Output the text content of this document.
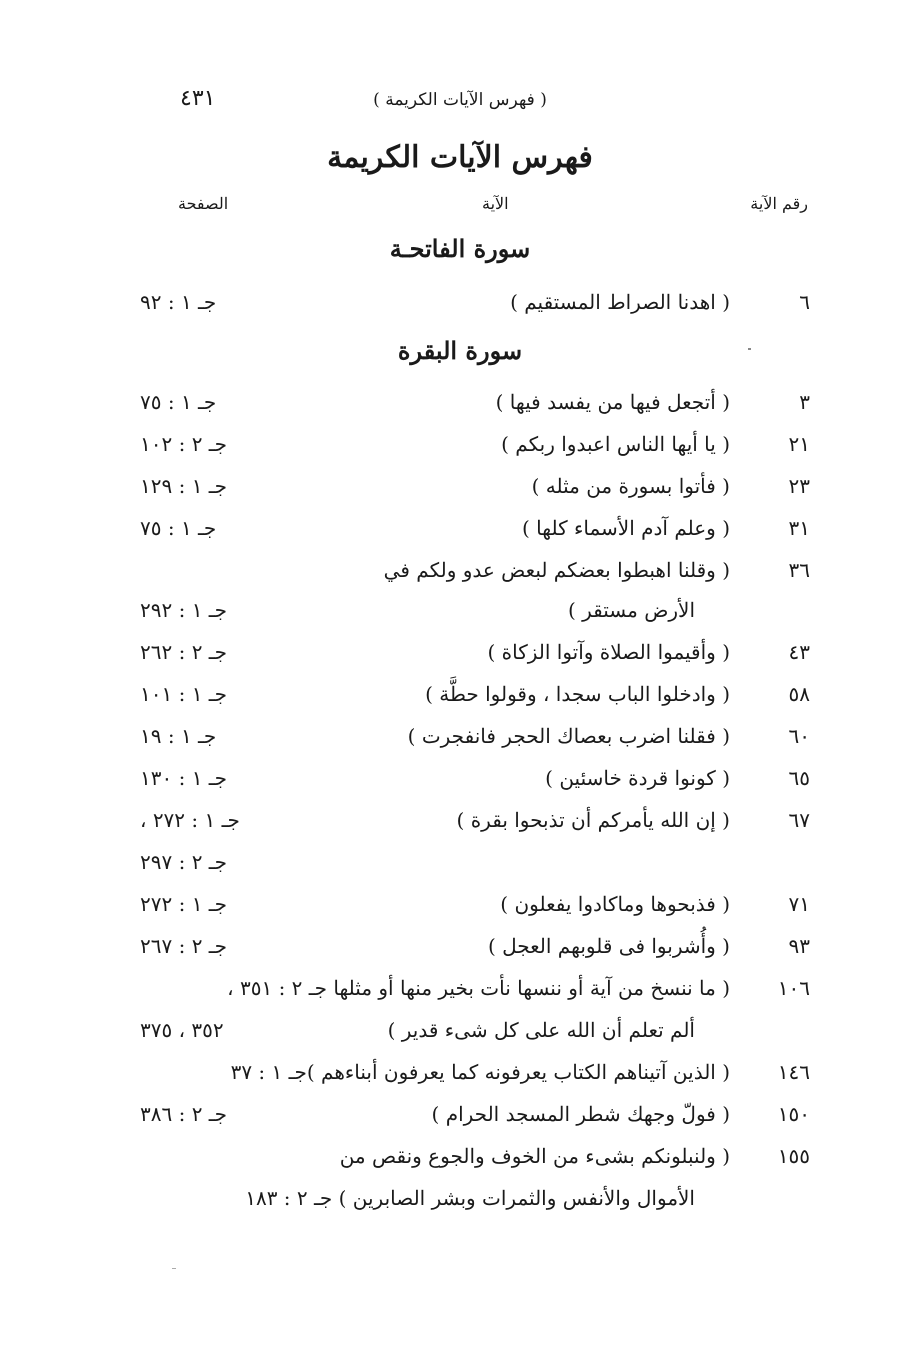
( فهرس الآيات الكريمة )
٤٣١
فهرس الآيات الكريمة
رقم الآية
الآية
الصفحة
سورة الفاتحـة
٦
( اهدنا الصراط المستقيم )
جـ ١ : ٩٢
سورة البقرة
٣
( أتجعل فيها من يفسد فيها )
جـ ١ : ٧٥
٢١
( يا أيها الناس اعبدوا ربكم )
جـ ٢ : ١٠٢
٢٣
( فأتوا بسورة من مثله )
جـ ١ : ١٢٩
٣١
( وعلم آدم الأسماء كلها )
جـ ١ : ٧٥
٣٦
( وقلنا اهبطوا بعضكم لبعض عدو ولكم في
الأرض مستقر )
جـ ١ : ٢٩٢
٤٣
( وأقيموا الصلاة وآتوا الزكاة )
جـ ٢ : ٢٦٢
٥٨
( وادخلوا الباب سجدا ، وقولوا حطَّة )
جـ ١ : ١٠١
٦٠
( فقلنا اضرب بعصاك الحجر فانفجرت )
جـ ١ : ١٩
٦٥
( كونوا قردة خاسئين )
جـ ١ : ١٣٠
٦٧
( إن الله يأمركم أن تذبحوا بقرة )
جـ ١ : ٢٧٢ ،
جـ ٢ : ٢٩٧
٧١
( فذبحوها وماكادوا يفعلون )
جـ ١ : ٢٧٢
٩٣
( وأُشربوا فى قلوبهم العجل )
جـ ٢ : ٢٦٧
١٠٦
( ما ننسخ من آية أو ننسها نأت بخير منها أو مثلها جـ ٢ : ٣٥١ ،
ألم تعلم أن الله على كل شىء قدير )
٣٥٢ ، ٣٧٥
١٤٦
( الذين آتيناهم الكتاب يعرفونه كما يعرفون أبناءهم )جـ ١ : ٣٧
١٥٠
( فولّ وجهك شطر المسجد الحرام )
جـ ٢ : ٣٨٦
١٥٥
( ولنبلونكم بشىء من الخوف والجوع ونقص من
الأموال والأنفس والثمرات وبشر الصابرين ) جـ ٢ : ١٨٣
